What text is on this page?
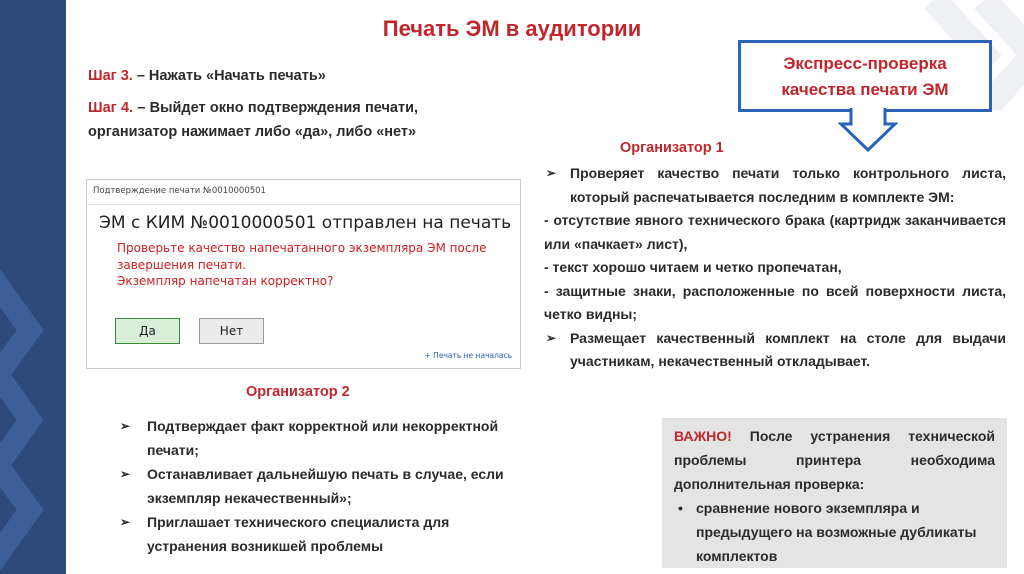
Печать ЭМ в аудитории
Шаг 3. – Нажать «Начать печать»
Шаг 4. – Выйдет окно подтверждения печати, организатор нажимает либо «да», либо «нет»
Экспресс-проверка
качества печати ЭМ
Подтверждение печати №0010000501
ЭМ с КИМ №0010000501 отправлен на печать
Проверьте качество напечатанного экземпляра ЭМ после
завершения печати.
Экземпляр напечатан корректно?
Да	Нет
+ Печать не началась
Организатор 1
➢ Проверяет качество печати только контрольного листа, который распечатывается последним в комплекте ЭМ:
- отсутствие явного технического брака (картридж заканчивается или «пачкает» лист),
- текст хорошо читаем и четко пропечатан,
- защитные знаки, расположенные по всей поверхности листа, четко видны;
➢ Размещает качественный комплект на столе для выдачи участникам, некачественный откладывает.
Организатор 2
➢ Подтверждает факт корректной или некорректной печати;
➢ Останавливает дальнейшую печать в случае, если экземпляр некачественный»;
➢ Приглашает технического специалиста для устранения возникшей проблемы
ВАЖНО! После устранения технической проблемы принтера необходима дополнительная проверка:
• сравнение нового экземпляра и предыдущего на возможные дубликаты комплектов
